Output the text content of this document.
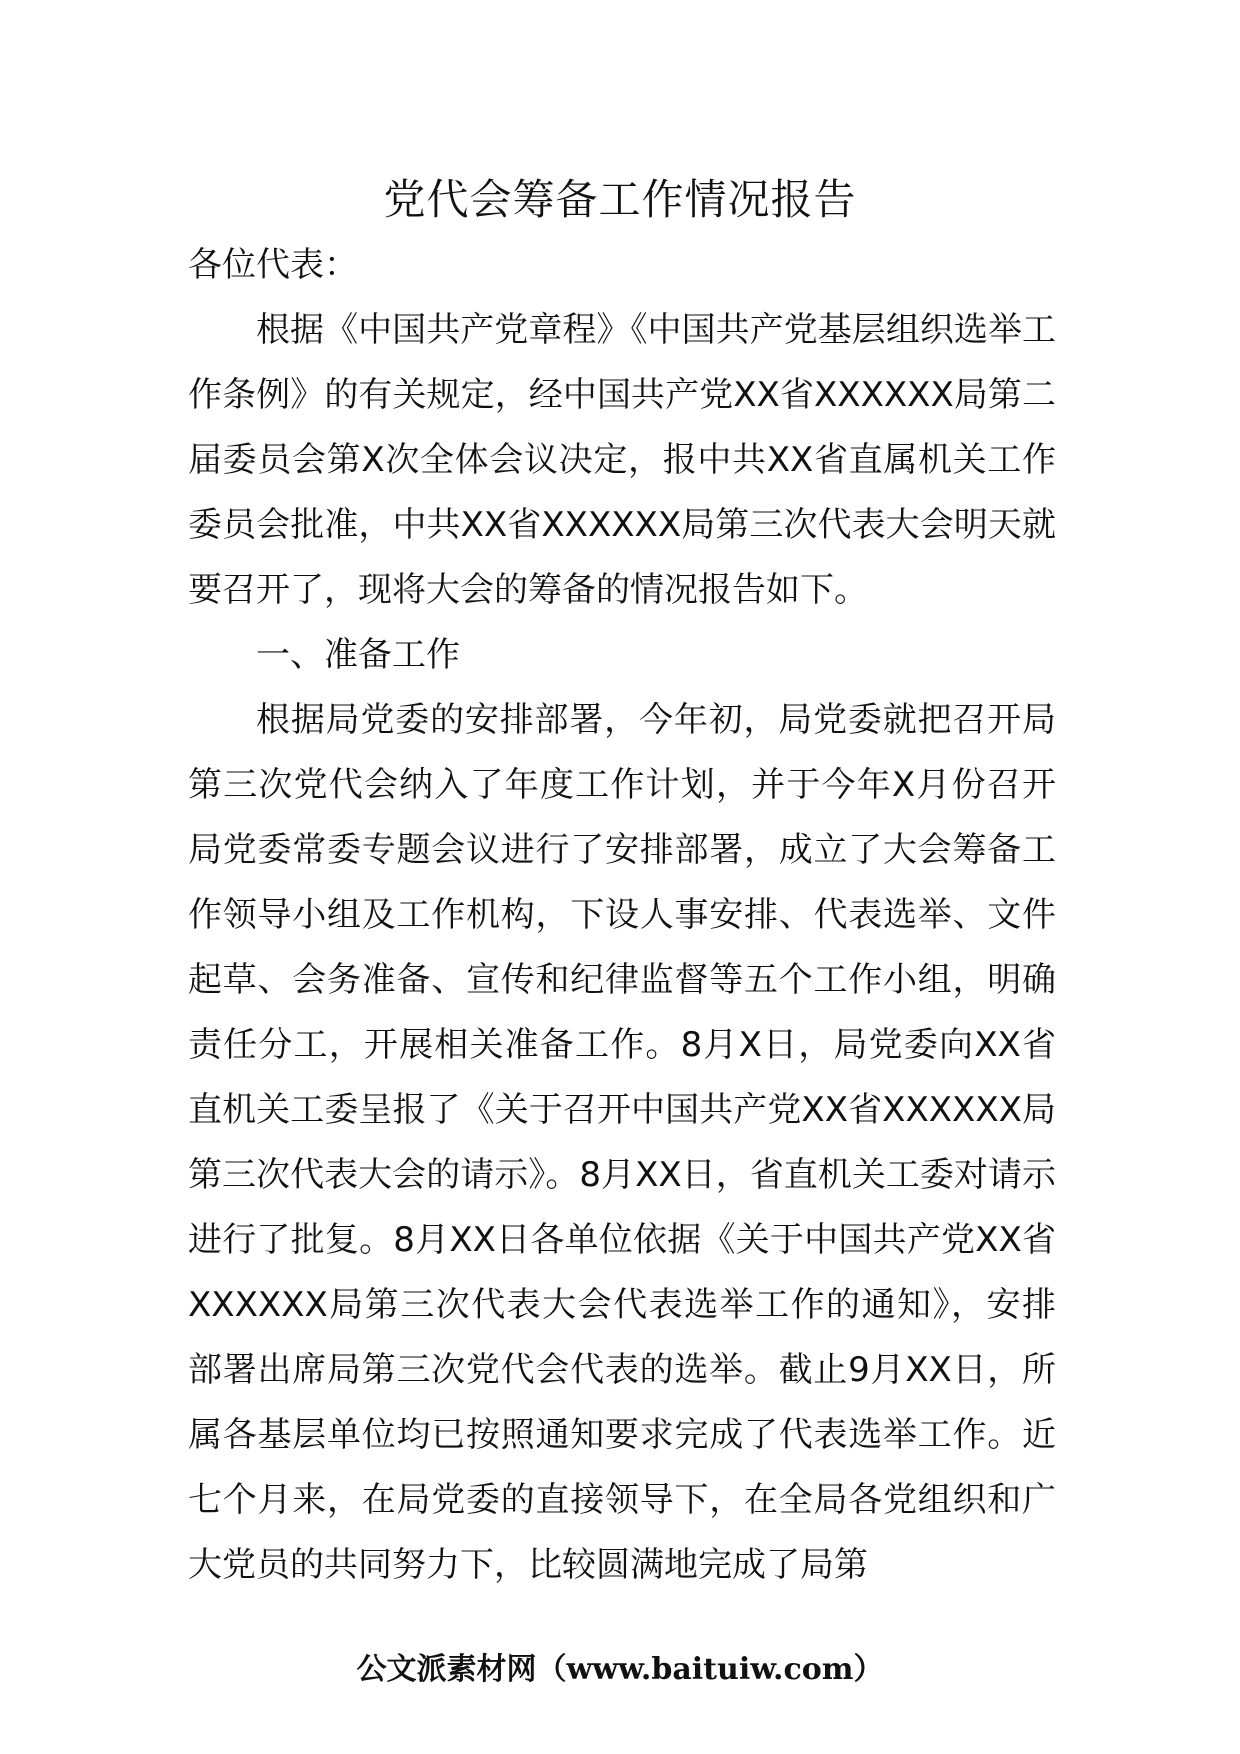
党代会筹备工作情况报告
各位代表：

根据《中国共产党章程》《中国共产党基层组织选举工作条例》的有关规定，经中国共产党XX省XXXXXX局第二届委员会第X次全体会议决定，报中共XX省直属机关工作委员会批准，中共XX省XXXXXX局第三次代表大会明天就要召开了，现将大会的筹备的情况报告如下。

一、准备工作

根据局党委的安排部署，今年初，局党委就把召开局第三次党代会纳入了年度工作计划，并于今年X月份召开局党委常委专题会议进行了安排部署，成立了大会筹备工作领导小组及工作机构，下设人事安排、代表选举、文件起草、会务准备、宣传和纪律监督等五个工作小组，明确责任分工，开展相关准备工作。8月X日，局党委向XX省直机关工委呈报了《关于召开中国共产党XX省XXXXXX局第三次代表大会的请示》。8月XX日，省直机关工委对请示进行了批复。8月XX日各单位依据《关于中国共产党XX省XXXXXX局第三次代表大会代表选举工作的通知》，安排部署出席局第三次党代会代表的选举。截止9月XX日，所属各基层单位均已按照通知要求完成了代表选举工作。近七个月来，在局党委的直接领导下，在全局各党组织和广大党员的共同努力下，比较圆满地完成了局第

公文派素材网（www.baituiw.com）
